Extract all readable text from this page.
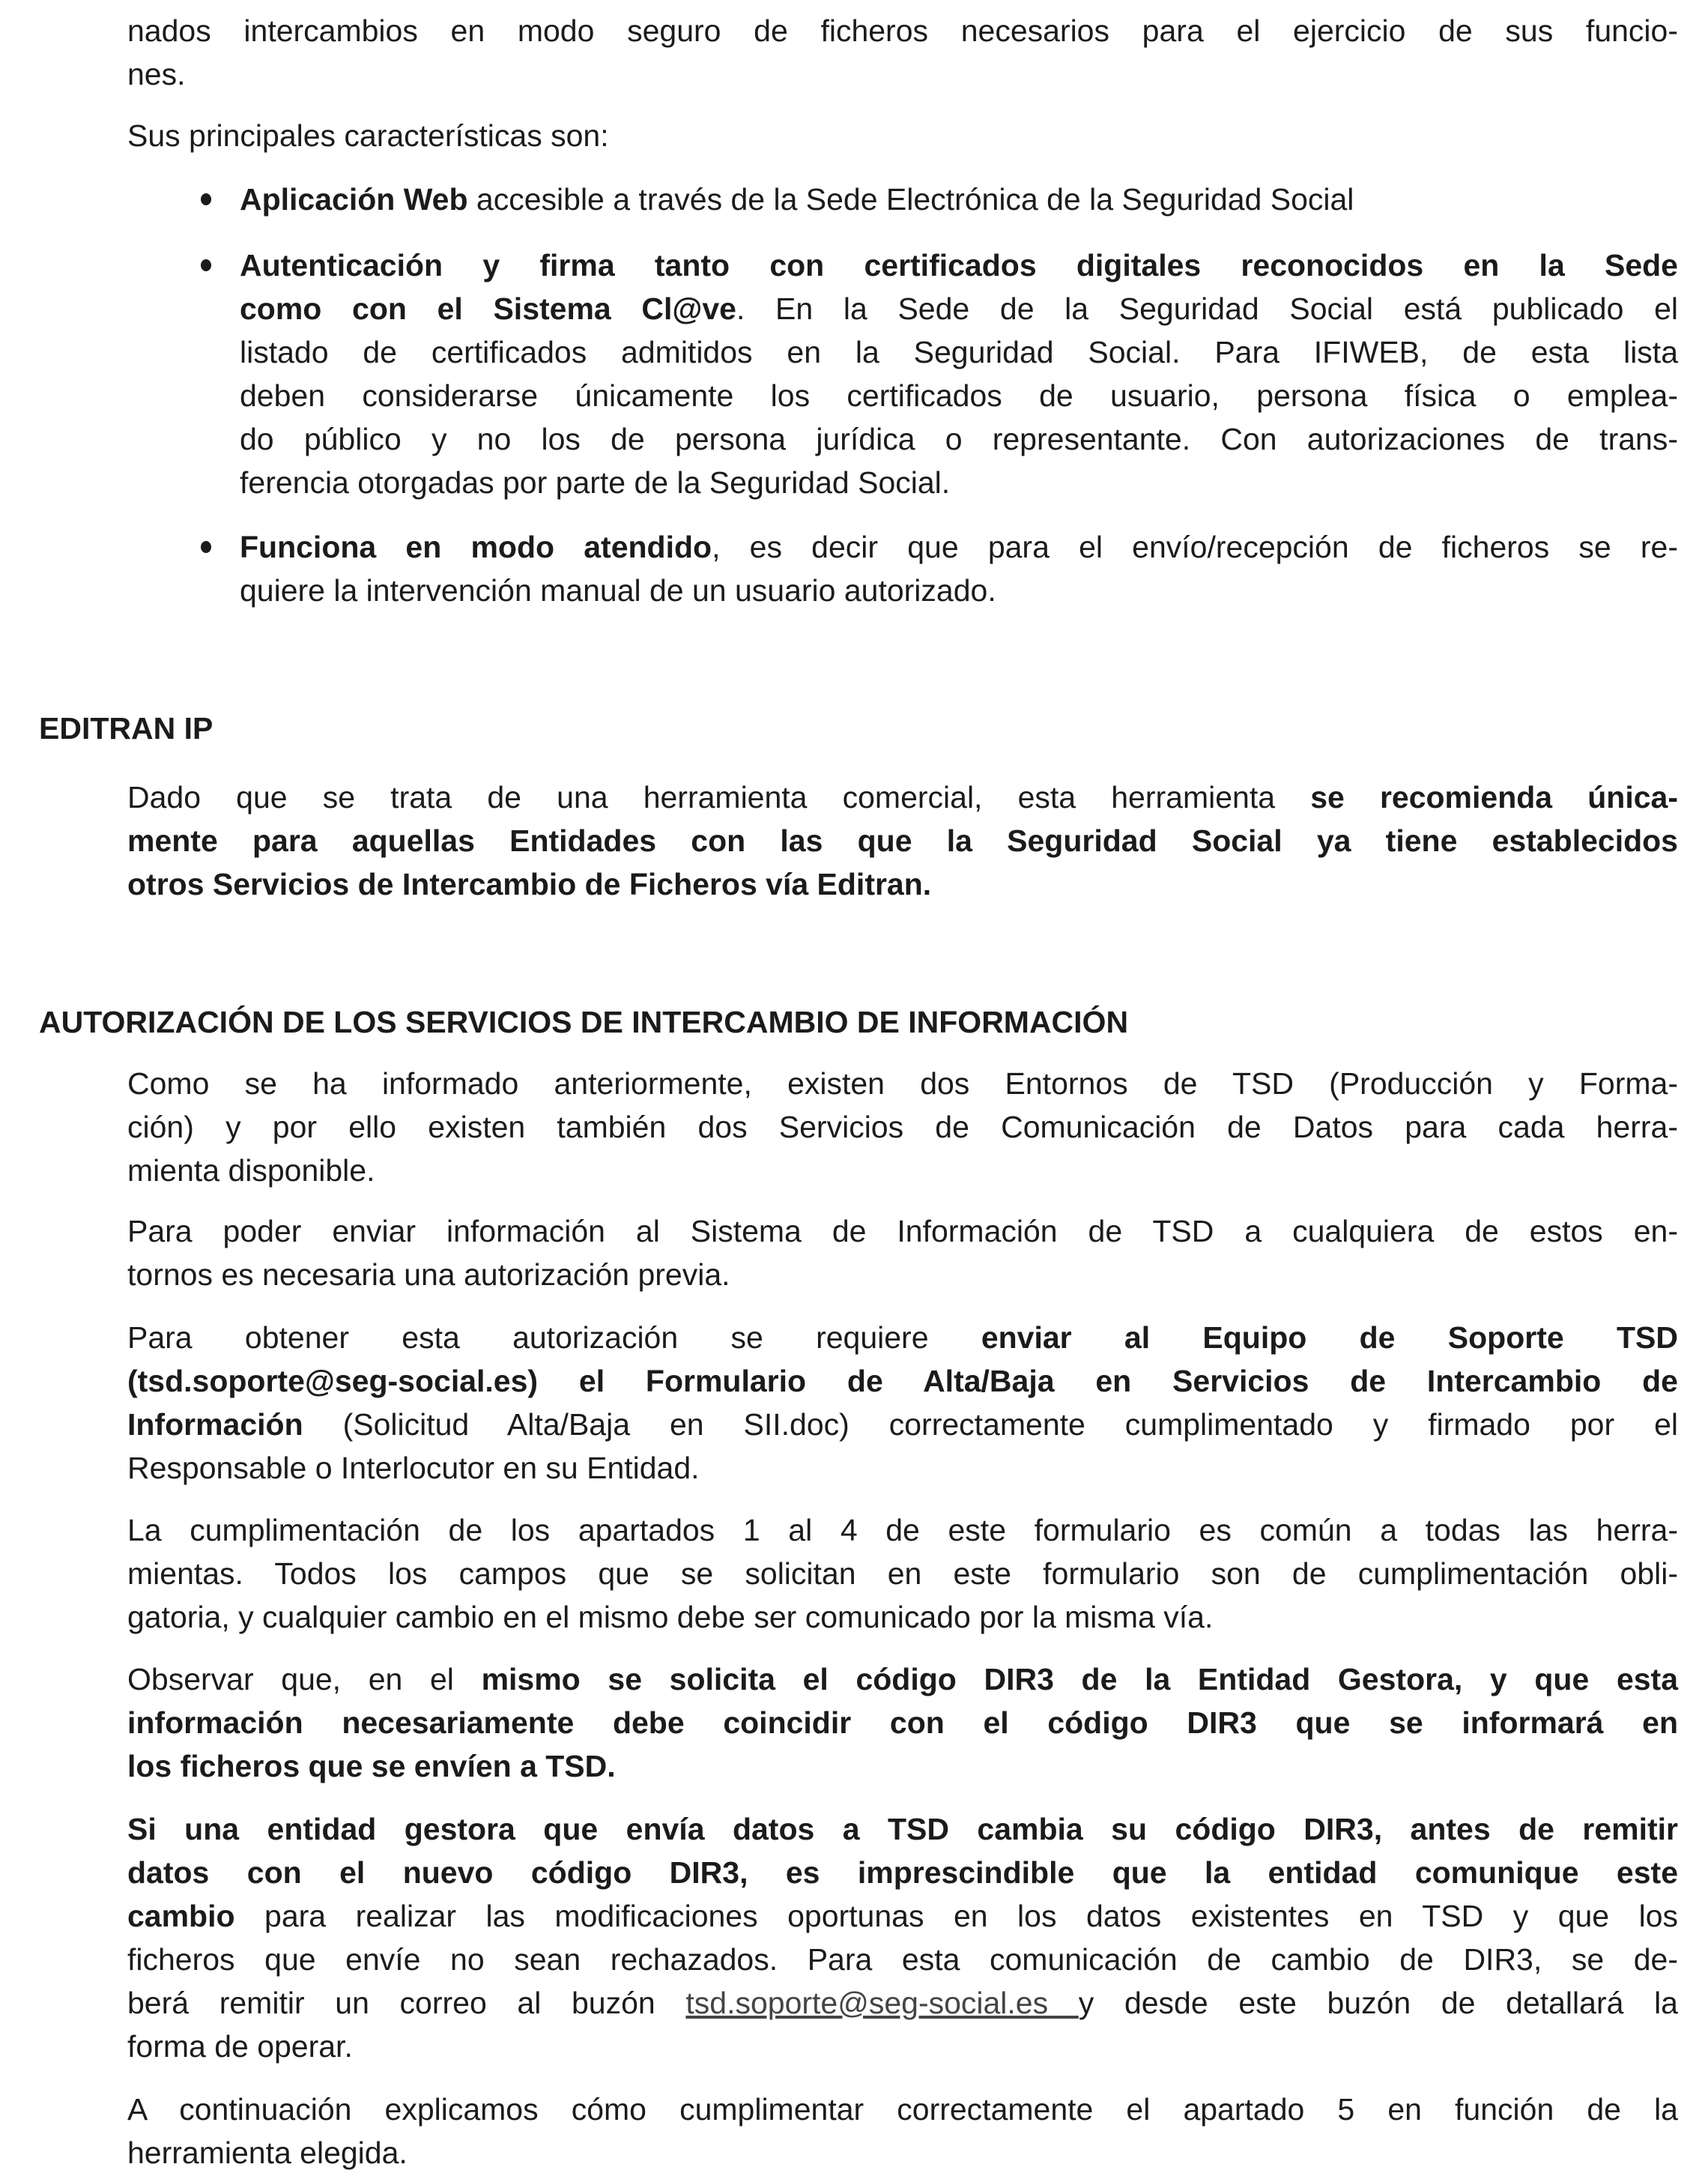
nados intercambios en modo seguro de ficheros necesarios para el ejercicio de sus funcio-
nes.
Sus principales características son:
Aplicación Web accesible a través de la Sede Electrónica de la Seguridad Social
Autenticación y firma tanto con certificados digitales reconocidos en la Sede
como con el Sistema Cl@ve. En la Sede de la Seguridad Social está publicado el
listado de certificados admitidos en la Seguridad Social. Para IFIWEB, de esta lista
deben considerarse únicamente los certificados de usuario, persona física o emplea-
do público y no los de persona jurídica o representante. Con autorizaciones de trans-
ferencia otorgadas por parte de la Seguridad Social.
Funciona en modo atendido, es decir que para el envío/recepción de ficheros se re-
quiere la intervención manual de un usuario autorizado.
EDITRAN IP
Dado que se trata de una herramienta comercial, esta herramienta se recomienda única-
mente para aquellas Entidades con las que la Seguridad Social ya tiene establecidos
otros Servicios de Intercambio de Ficheros vía Editran.
AUTORIZACIÓN DE LOS SERVICIOS DE INTERCAMBIO DE INFORMACIÓN
Como se ha informado anteriormente, existen dos Entornos de TSD (Producción y Forma-
ción) y por ello existen también dos Servicios de Comunicación de Datos para cada herra-
mienta disponible.
Para poder enviar información al Sistema de Información de TSD a cualquiera de estos en-
tornos es necesaria una autorización previa.
Para obtener esta autorización se requiere enviar al Equipo de Soporte TSD
(tsd.soporte@seg-social.es) el Formulario de Alta/Baja en Servicios de Intercambio de
Información (Solicitud Alta/Baja en SII.doc) correctamente cumplimentado y firmado por el
Responsable o Interlocutor en su Entidad.
La cumplimentación de los apartados 1 al 4 de este formulario es común a todas las herra-
mientas. Todos los campos que se solicitan en este formulario son de cumplimentación obli-
gatoria, y cualquier cambio en el mismo debe ser comunicado por la misma vía.
Observar que, en el mismo se solicita el código DIR3 de la Entidad Gestora, y que esta
información necesariamente debe coincidir con el código DIR3 que se informará en
los ficheros que se envíen a TSD.
Si una entidad gestora que envía datos a TSD cambia su código DIR3, antes de remitir
datos con el nuevo código DIR3, es imprescindible que la entidad comunique este
cambio para realizar las modificaciones oportunas en los datos existentes en TSD y que los
ficheros que envíe no sean rechazados. Para esta comunicación de cambio de DIR3, se de-
berá remitir un correo al buzón tsd.soporte@seg-social.es y desde este buzón de detallará la
forma de operar.
A continuación explicamos cómo cumplimentar correctamente el apartado 5 en función de la
herramienta elegida.
